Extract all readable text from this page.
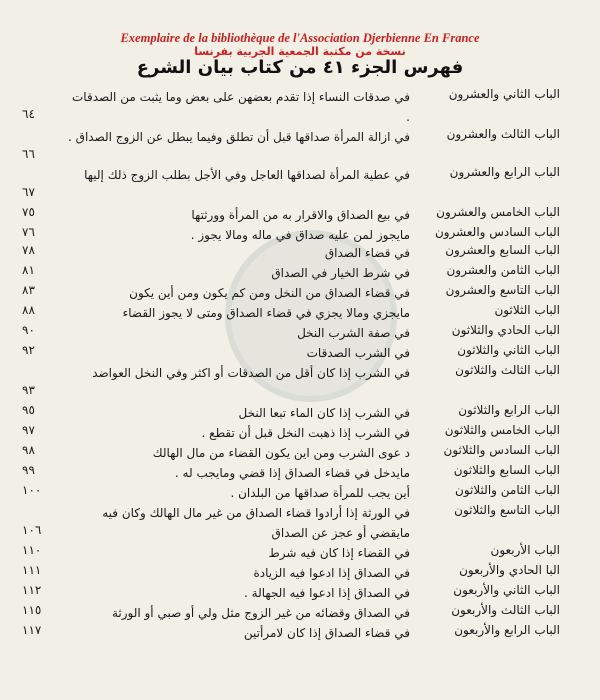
Exemplaire de la bibliothèque de l'Association Djerbienne En France
نسخة من مكتبة الجمعية الجربية بفرنسا
فهرس الجزء ٤١ من كتاب بيان الشرع
الباب الثاني والعشرون
في صدقات النساء إذا تقدم بعضهن على بعض وما يثبت من الصدقات .
٦٤
الباب الثالث والعشرون
في ازالة المرأة صداقها قبل أن تطلق وفيما يبطل عن الزوج الصداق .
٦٦
الباب الرابع والعشرون
في عطية المرأة لصداقها العاجل وفي الأجل بطلب الزوج ذلك إليها
٦٧
الباب الخامس والعشرون
في بيع الصداق والاقرار به من المرأة وورثتها
٧٥
الباب السادس والعشرون
مايجوز لمن عليه صداق في ماله ومالا يجوز .
٧٦
الباب السابع والعشرون
في قضاء الصداق
٧٨
الباب الثامن والعشرون
في شرط الخيار في الصداق
٨١
الباب التاسع والعشرون
في قضاء الصداق من النخل ومن كم يكون ومن أين يكون
٨٣
الباب الثلاثون
مايجزي ومالا يجزي في قضاء الصداق ومتى لا يجوز القضاء
٨٨
الباب الحادي والثلاثون
في صفة الشرب النخل
٩٠
الباب الثاني والثلاثون
في الشرب الصدقات
٩٢
الباب الثالث والثلاثون
في الشرب إذا كان أقل من الصدقات أو اكثر وفي النخل العواضد
٩٣
الباب الرابع والثلاثون
في الشرب إذا كان الماء تبعا النخل
٩٥
الباب الخامس والثلاثون
في الشرب إذا ذهبت النخل قبل أن تقطع .
٩٧
الباب السادس والثلاثون
د عوى الشرب ومن اين يكون القضاء من مال الهالك
٩٨
الباب السابع والثلاثون
مايدخل في قضاء الصداق إذا قضي ومايجب له .
٩٩
الباب الثامن والثلاثون
أين يجب للمرأة صداقها من البلدان .
١٠٠
الباب التاسع والثلاثون
في الورثة إذا أرادوا قضاء الصداق من غير مال الهالك وكان فيه مايقضي أو عجز عن الصداق
١٠٦
الباب الأربعون
في القضاء إذا كان فيه شرط
١١٠
البا الحادي والأربعون
في الصداق إذا ادعوا فيه الزيادة
١١١
الباب الثاني والأربعون
في الصداق إذا ادعوا فيه الجهالة .
١١٢
الباب الثالث والأربعون
في الصداق وقضائه من غير الزوج مثل ولي أو صبي أو الورثة
١١٥
الباب الرابع والأربعون
في قضاء الصداق إذا كان لامرأتين
١١٧
